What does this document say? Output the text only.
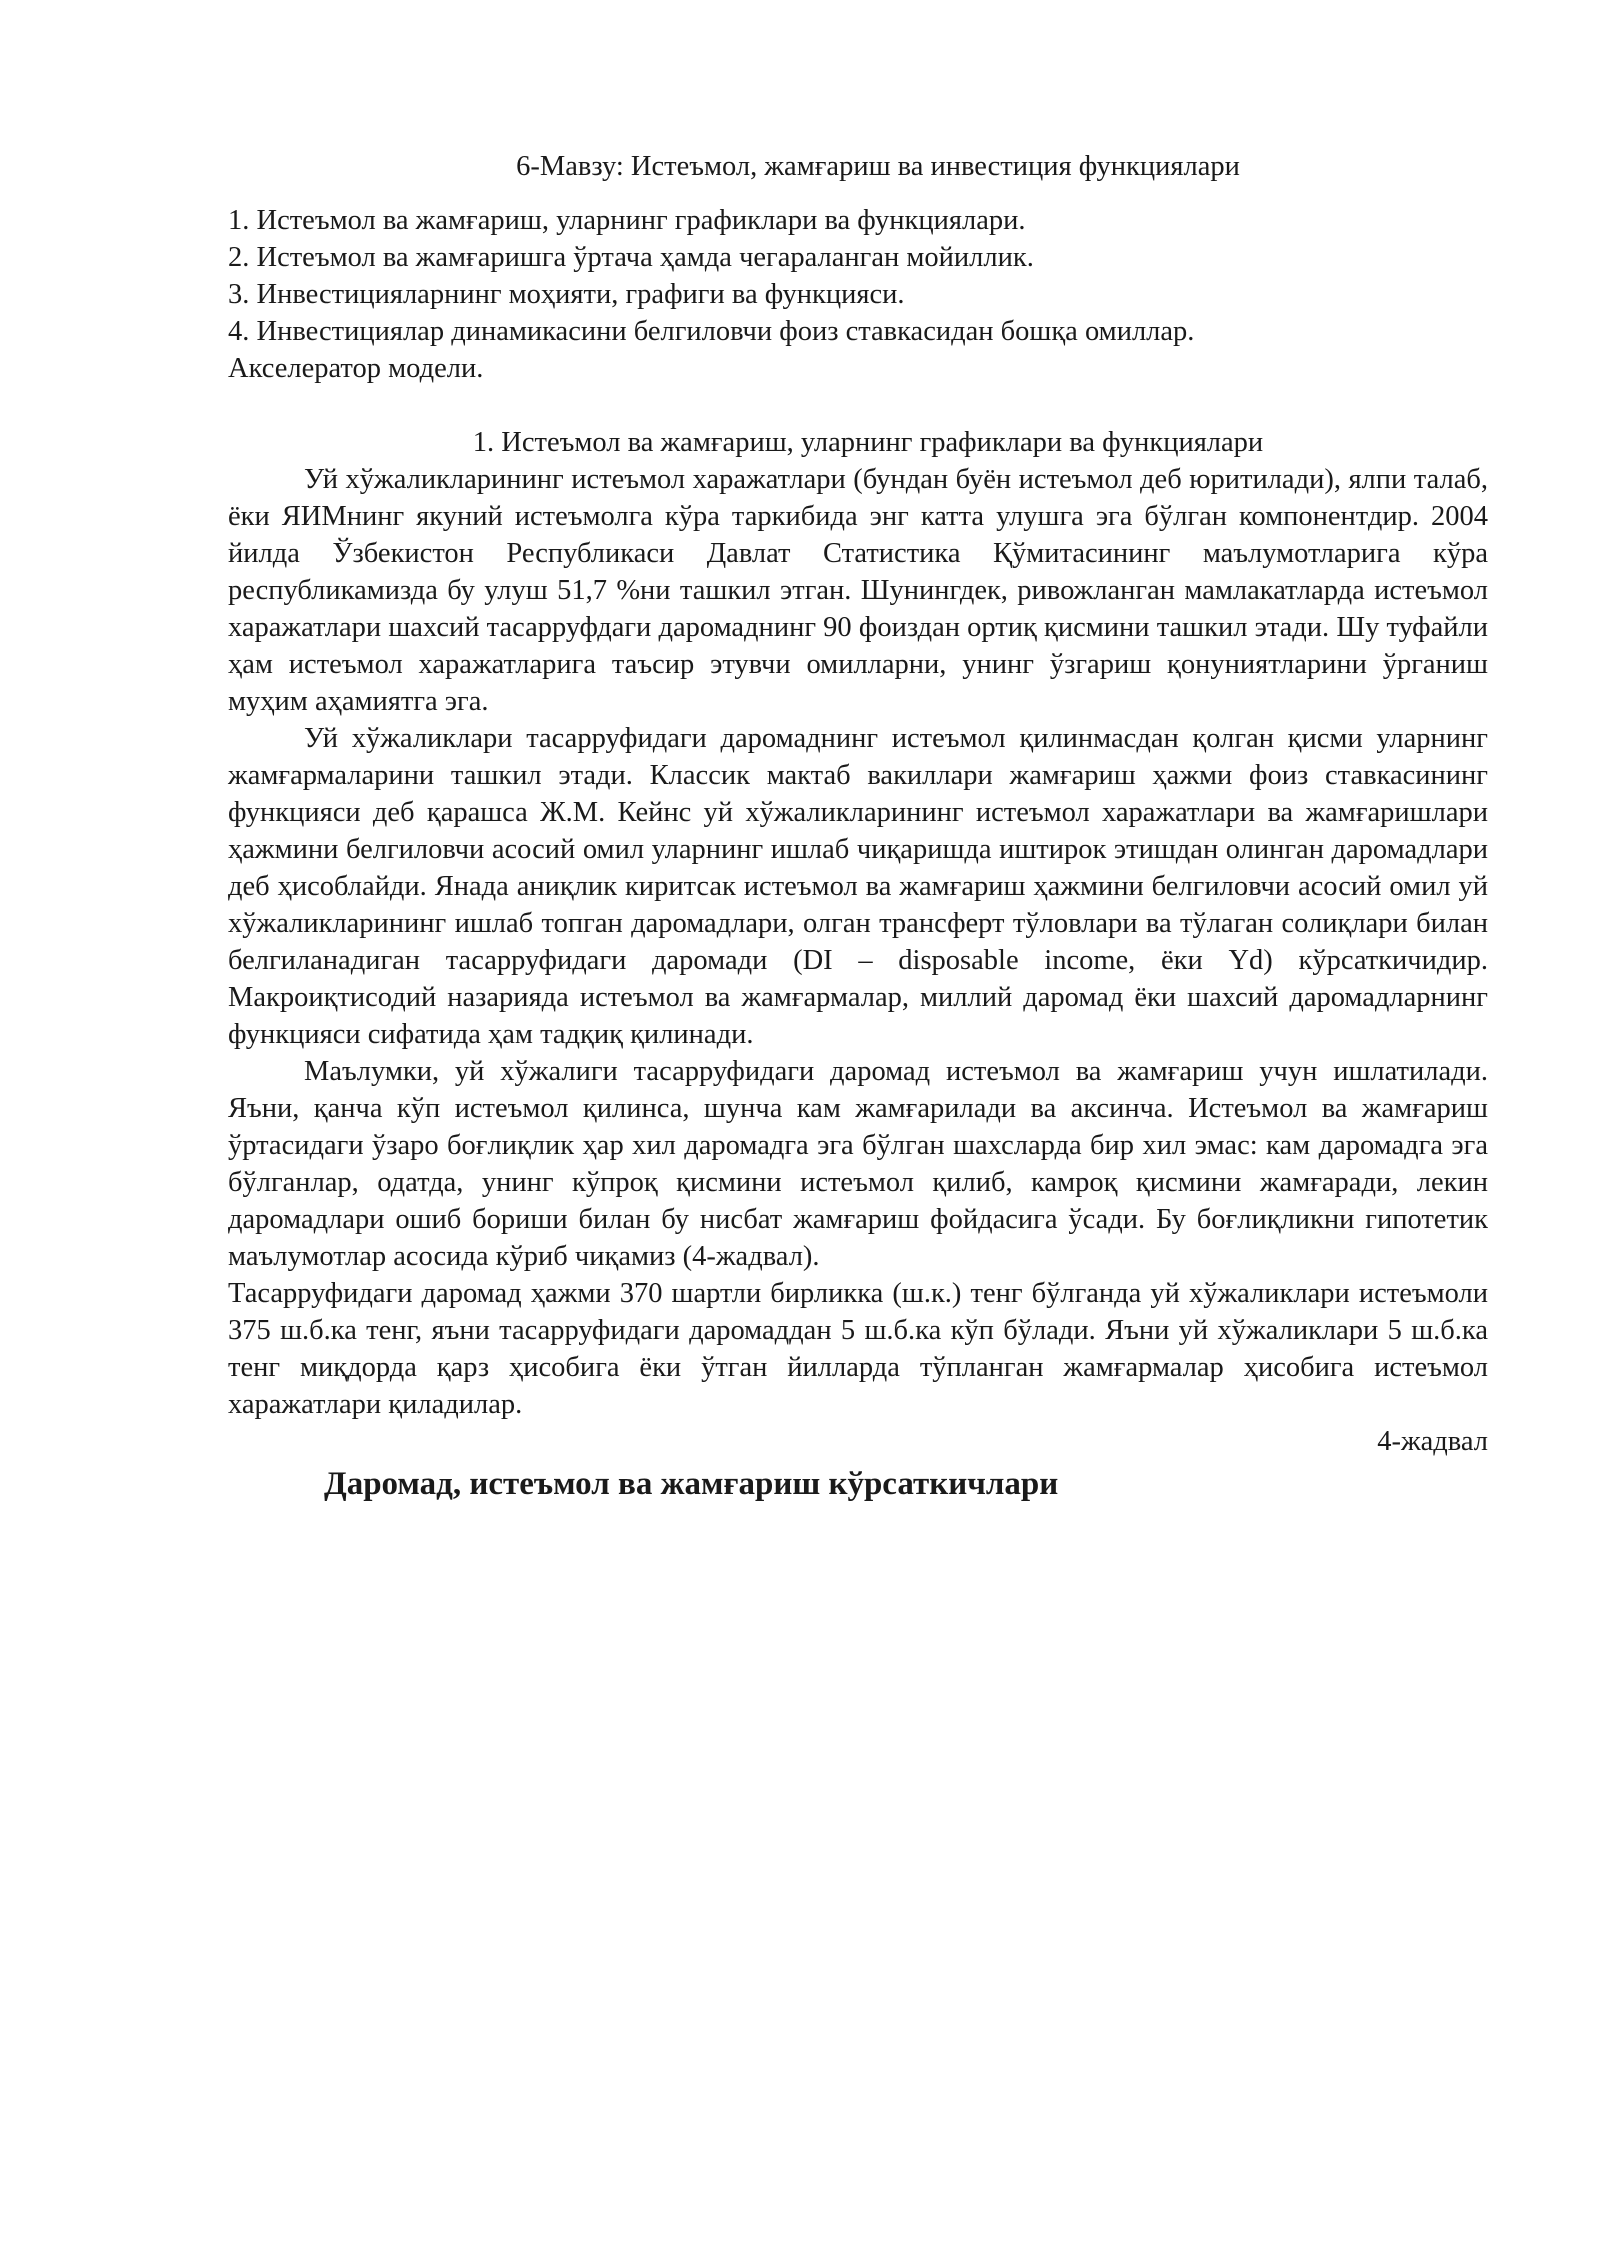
6-Мавзу: Истеъмол, жамғариш ва инвестиция функциялари
1. Истеъмол ва жамғариш, уларнинг графиклари ва функциялари.
2. Истеъмол ва жамғаришга ўртача ҳамда чегараланган мойиллик.
3. Инвестицияларнинг моҳияти, графиги ва функцияси.
4. Инвестициялар динамикасини белгиловчи фоиз ставкасидан бошқа омиллар.
Акселератор модели.
1. Истеъмол ва жамғариш, уларнинг графиклари ва функциялари

Уй хўжаликларининг истеъмол харажатлари (бундан буён истеъмол деб юритилади), ялпи талаб, ёки ЯИМнинг якуний истеъмолга кўра таркибида энг катта улушга эга бўлган компонентдир. 2004 йилда Ўзбекистон Республикаси Давлат Статистика Қўмитасининг маълумотларига кўра республикамизда бу улуш 51,7 %ни ташкил этган. Шунингдек, ривожланган мамлакатларда истеъмол харажатлари шахсий тасарруфдаги даромаднинг 90 фоиздан ортиқ қисмини ташкил этади. Шу туфайли ҳам истеъмол харажатларига таъсир этувчи омилларни, унинг ўзгариш қонуниятларини ўрганиш муҳим аҳамиятга эга.

Уй хўжаликлари тасарруфидаги даромаднинг истеъмол қилинмасдан қолган қисми уларнинг жамғармаларини ташкил этади. Классик мактаб вакиллари жамғариш ҳажми фоиз ставкасининг функцияси деб қарашса Ж.М. Кейнс уй хўжаликларининг истеъмол харажатлари ва жамғаришлари ҳажмини белгиловчи асосий омил уларнинг ишлаб чиқаришда иштирок этишдан олинган даромадлари деб ҳисоблайди. Янада аниқлик киритсак истеъмол ва жамғариш ҳажмини белгиловчи асосий омил уй хўжаликларининг ишлаб топган даромадлари, олган трансферт тўловлари ва тўлаган солиқлари билан белгиланадиган тасарруфидаги даромади (DI – disposable income, ёки Yd) кўрсаткичидир. Макроиқтисодий назарияда истеъмол ва жамғармалар, миллий даромад ёки шахсий даромадларнинг функцияси сифатида ҳам тадқиқ қилинади.

Маълумки, уй хўжалиги тасарруфидаги даромад истеъмол ва жамғариш учун ишлатилади. Яъни, қанча кўп истеъмол қилинса, шунча кам жамғарилади ва аксинча. Истеъмол ва жамғариш ўртасидаги ўзаро боғлиқлик ҳар хил даромадга эга бўлган шахсларда бир хил эмас: кам даромадга эга бўлганлар, одатда, унинг кўпроқ қисмини истеъмол қилиб, камроқ қисмини жамғаради, лекин даромадлари ошиб бориши билан бу нисбат жамғариш фойдасига ўсади. Бу боғлиқликни гипотетик маълумотлар асосида кўриб чиқамиз (4-жадвал).

Тасарруфидаги даромад ҳажми 370 шартли бирликка (ш.к.) тенг бўлганда уй хўжаликлари истеъмоли 375 ш.б.ка тенг, яъни тасарруфидаги даромаддан 5 ш.б.ка кўп бўлади. Яъни уй хўжаликлари 5 ш.б.ка тенг миқдорда қарз ҳисобига ёки ўтган йилларда тўпланган жамғармалар ҳисобига истеъмол харажатлари қиладилар.

4-жадвал

Даромад, истеъмол ва жамғариш кўрсаткичлари
